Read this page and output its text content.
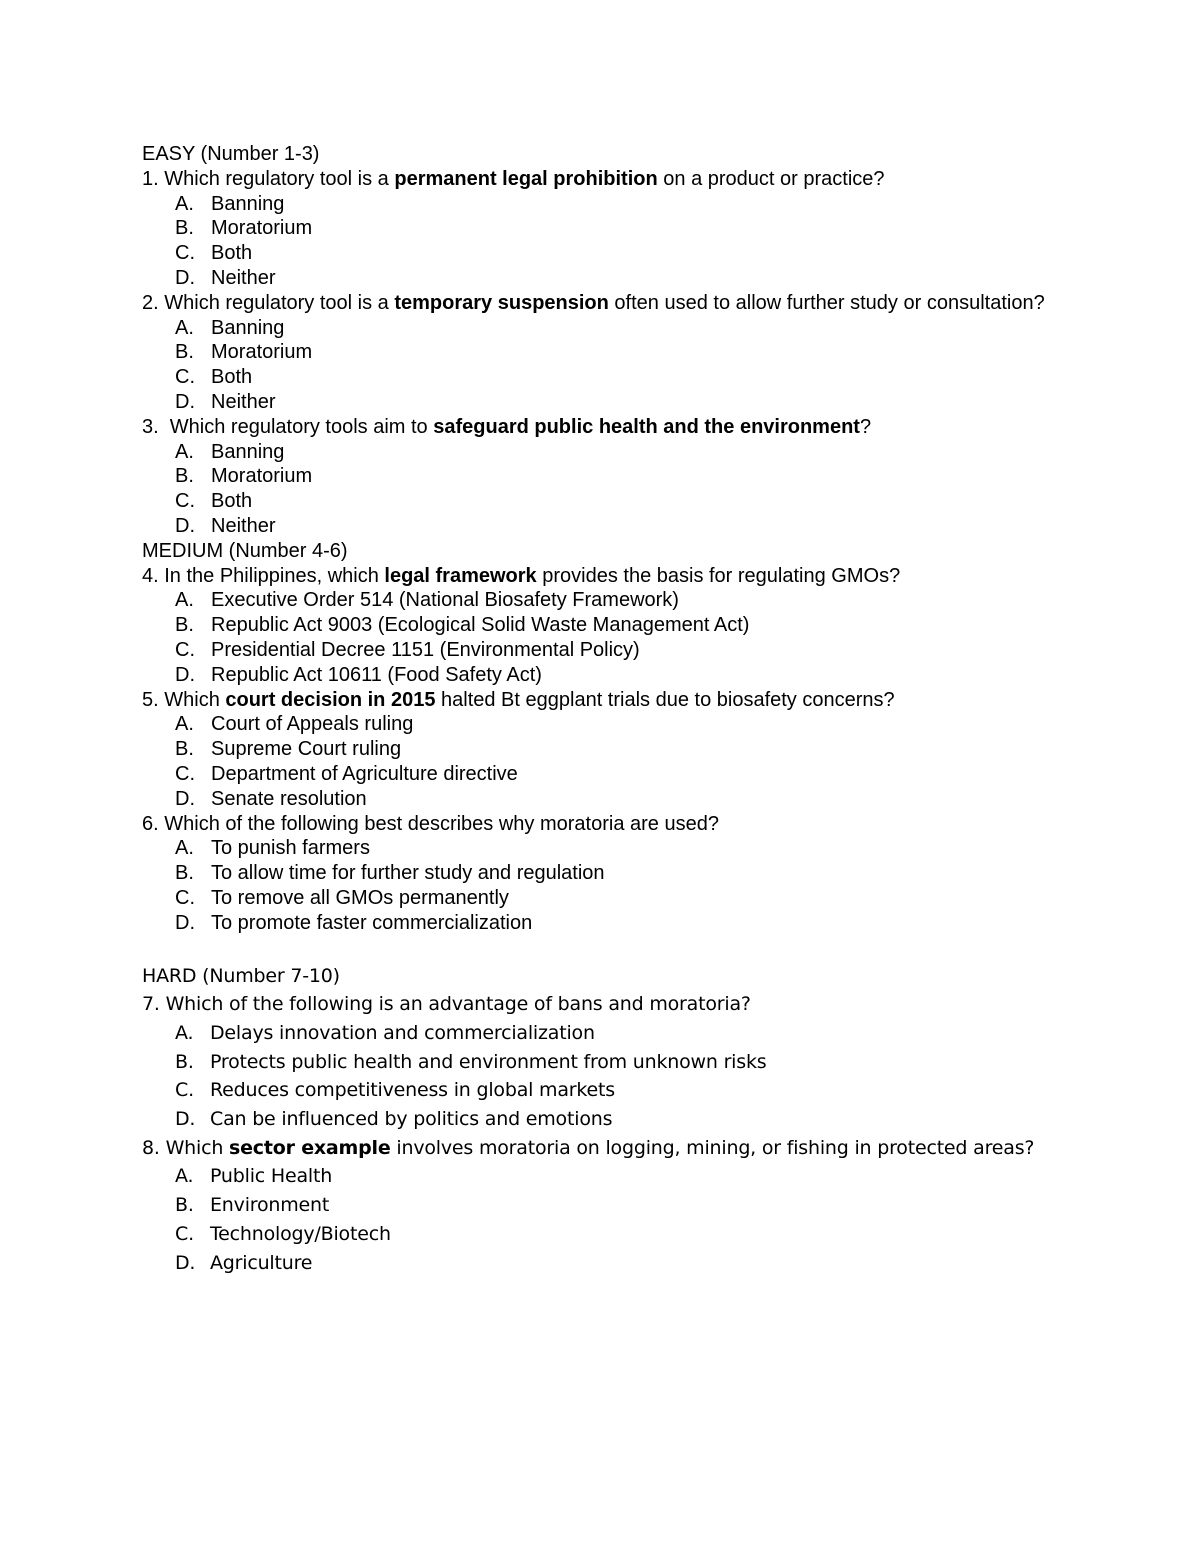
EASY (Number 1-3)
1. Which regulatory tool is a permanent legal prohibition on a product or practice?
A. Banning
B. Moratorium
C. Both
D. Neither
2. Which regulatory tool is a temporary suspension often used to allow further study or consultation?
A. Banning
B. Moratorium
C. Both
D. Neither
3.  Which regulatory tools aim to safeguard public health and the environment?
A. Banning
B. Moratorium
C. Both
D. Neither
MEDIUM (Number 4-6)
4. In the Philippines, which legal framework provides the basis for regulating GMOs?
A. Executive Order 514 (National Biosafety Framework)
B. Republic Act 9003 (Ecological Solid Waste Management Act)
C. Presidential Decree 1151 (Environmental Policy)
D. Republic Act 10611 (Food Safety Act)
5. Which court decision in 2015 halted Bt eggplant trials due to biosafety concerns?
A. Court of Appeals ruling
B. Supreme Court ruling
C. Department of Agriculture directive
D. Senate resolution
6. Which of the following best describes why moratoria are used?
A. To punish farmers
B. To allow time for further study and regulation
C. To remove all GMOs permanently
D. To promote faster commercialization
HARD (Number 7-10)
7. Which of the following is an advantage of bans and moratoria?
A. Delays innovation and commercialization
B. Protects public health and environment from unknown risks
C. Reduces competitiveness in global markets
D. Can be influenced by politics and emotions
8. Which sector example involves moratoria on logging, mining, or fishing in protected areas?
A. Public Health
B. Environment
C. Technology/Biotech
D. Agriculture
